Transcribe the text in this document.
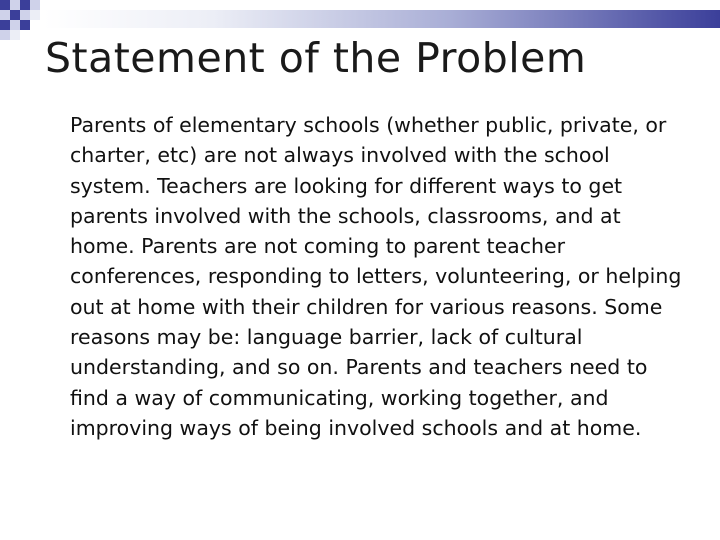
Statement of the Problem

Parents of elementary schools (whether public, private, or charter, etc) are not always involved with the school system. Teachers are looking for different ways to get parents involved with the schools, classrooms, and at home. Parents are not coming to parent teacher conferences, responding to letters, volunteering, or helping out at home with their children for various reasons. Some reasons may be: language barrier, lack of cultural understanding, and so on. Parents and teachers need to find a way of communicating, working together, and improving ways of being involved schools and at home.
